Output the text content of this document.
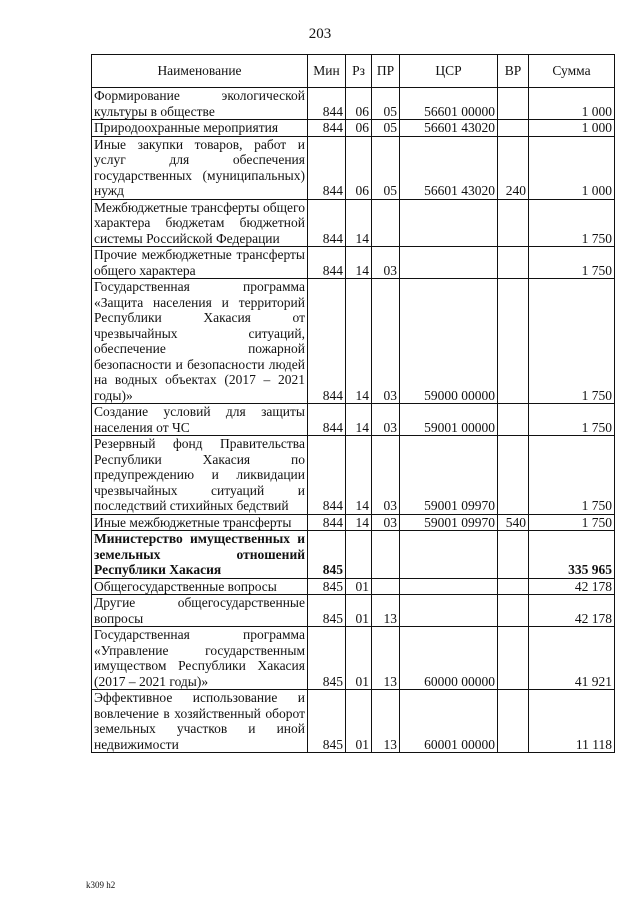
203
Наименование	Мин	Рз	ПР	ЦСР	ВР	Сумма
Формирование экологической культуры в обществе	844	06	05	56601 00000		1 000
Природоохранные мероприятия	844	06	05	56601 43020		1 000
Иные закупки товаров, работ и услуг для обеспечения государственных (муниципальных) нужд	844	06	05	56601 43020	240	1 000
Межбюджетные трансферты общего характера бюджетам бюджетной системы Российской Федерации	844	14				1 750
Прочие межбюджетные трансферты общего характера	844	14	03			1 750
Государственная программа «Защита населения и территорий Республики Хакасия от чрезвычайных ситуаций, обеспечение пожарной безопасности и безопасности людей на водных объектах (2017 – 2021 годы)»	844	14	03	59000 00000		1 750
Создание условий для защиты населения от ЧС	844	14	03	59001 00000		1 750
Резервный фонд Правительства Республики Хакасия по предупреждению и ликвидации чрезвычайных ситуаций и последствий стихийных бедствий	844	14	03	59001 09970		1 750
Иные межбюджетные трансферты	844	14	03	59001 09970	540	1 750
Министерство имущественных и земельных отношений Республики Хакасия	845					335 965
Общегосударственные вопросы	845	01				42 178
Другие общегосударственные вопросы	845	01	13			42 178
Государственная программа «Управление государственным имуществом Республики Хакасия (2017 – 2021 годы)»	845	01	13	60000 00000		41 921
Эффективное использование и вовлечение в хозяйственный оборот земельных участков и иной недвижимости	845	01	13	60001 00000		11 118
k309 h2
